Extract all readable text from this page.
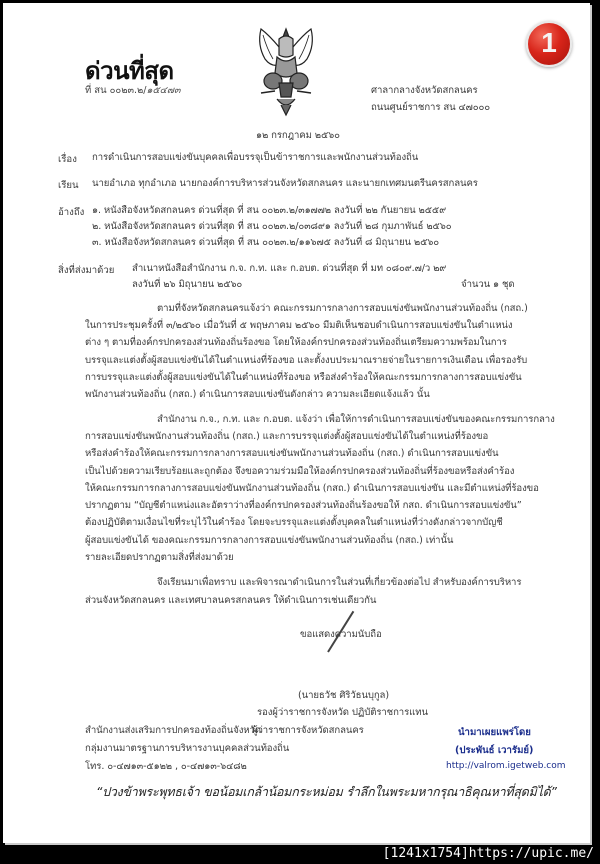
ด่วนที่สุด
ที่ สน ๐๐๒๓.๒/๑๕๔๗๓
1
ศาลากลางจังหวัดสกลนคร
ถนนศูนย์ราชการ สน ๔๗๐๐๐
๑๒ กรกฎาคม ๒๕๖๐
เรื่อง การดำเนินการสอบแข่งขันบุคคลเพื่อบรรจุเป็นข้าราชการและพนักงานส่วนท้องถิ่น
เรียน นายอำเภอ ทุกอำเภอ นายกองค์การบริหารส่วนจังหวัดสกลนคร และนายกเทศมนตรีนครสกลนคร
อ้างถึง ๑. หนังสือจังหวัดสกลนคร ด่วนที่สุด ที่ สน ๐๐๒๓.๒/๓๑๗๗๒ ลงวันที่ ๒๒ กันยายน ๒๕๕๙
๒. หนังสือจังหวัดสกลนคร ด่วนที่สุด ที่ สน ๐๐๒๓.๒/๐๓๘๙๑ ลงวันที่ ๒๘ กุมภาพันธ์ ๒๕๖๐
๓. หนังสือจังหวัดสกลนคร ด่วนที่สุด ที่ สน ๐๐๒๓.๒/๑๑๖๗๕ ลงวันที่ ๘ มิถุนายน ๒๕๖๐
สิ่งที่ส่งมาด้วย สำเนาหนังสือสำนักงาน ก.จ. ก.ท. และ ก.อบต. ด่วนที่สุด ที่ มท ๐๘๐๙.๗/ว ๒๙
ลงวันที่ ๒๖ มิถุนายน ๒๕๖๐	จำนวน ๑ ชุด
ตามที่จังหวัดสกลนครแจ้งว่า คณะกรรมการกลางการสอบแข่งขันพนักงานส่วนท้องถิ่น (กสถ.)
ในการประชุมครั้งที่ ๓/๒๕๖๐ เมื่อวันที่ ๕ พฤษภาคม ๒๕๖๐ มีมติเห็นชอบดำเนินการสอบแข่งขันในตำแหน่ง
ต่าง ๆ ตามที่องค์กรปกครองส่วนท้องถิ่นร้องขอ โดยให้องค์กรปกครองส่วนท้องถิ่นเตรียมความพร้อมในการ
บรรจุและแต่งตั้งผู้สอบแข่งขันได้ในตำแหน่งที่ร้องขอ และตั้งงบประมาณรายจ่ายในรายการเงินเดือน เพื่อรองรับ
การบรรจุและแต่งตั้งผู้สอบแข่งขันได้ในตำแหน่งที่ร้องขอ หรือส่งคำร้องให้คณะกรรมการกลางการสอบแข่งขัน
พนักงานส่วนท้องถิ่น (กสถ.) ดำเนินการสอบแข่งขันดังกล่าว ความละเอียดแจ้งแล้ว นั้น
สำนักงาน ก.จ., ก.ท. และ ก.อบต. แจ้งว่า เพื่อให้การดำเนินการสอบแข่งขันของคณะกรรมการกลาง
การสอบแข่งขันพนักงานส่วนท้องถิ่น (กสถ.) และการบรรจุแต่งตั้งผู้สอบแข่งขันได้ในตำแหน่งที่ร้องขอ
หรือส่งคำร้องให้คณะกรรมการกลางการสอบแข่งขันพนักงานส่วนท้องถิ่น (กสถ.) ดำเนินการสอบแข่งขัน
เป็นไปด้วยความเรียบร้อยและถูกต้อง จึงขอความร่วมมือให้องค์กรปกครองส่วนท้องถิ่นที่ร้องขอหรือส่งคำร้อง
ให้คณะกรรมการกลางการสอบแข่งขันพนักงานส่วนท้องถิ่น (กสถ.) ดำเนินการสอบแข่งขัน และมีตำแหน่งที่ร้องขอ
ปรากฏตาม “บัญชีตำแหน่งและอัตราว่างที่องค์กรปกครองส่วนท้องถิ่นร้องขอให้ กสถ. ดำเนินการสอบแข่งขัน”
ต้องปฏิบัติตามเงื่อนไขที่ระบุไว้ในคำร้อง โดยจะบรรจุและแต่งตั้งบุคคลในตำแหน่งที่ว่างดังกล่าวจากบัญชี
ผู้สอบแข่งขันได้ ของคณะกรรมการกลางการสอบแข่งขันพนักงานส่วนท้องถิ่น (กสถ.) เท่านั้น
รายละเอียดปรากฏตามสิ่งที่ส่งมาด้วย
จึงเรียนมาเพื่อทราบ และพิจารณาดำเนินการในส่วนที่เกี่ยวข้องต่อไป สำหรับองค์การบริหาร
ส่วนจังหวัดสกลนคร และเทศบาลนครสกลนคร ให้ดำเนินการเช่นเดียวกัน
ขอแสดงความนับถือ
(นายธวัช ศิริวัธนบุกูล)
รองผู้ว่าราชการจังหวัด ปฏิบัติราชการแทน
ผู้ว่าราชการจังหวัดสกลนคร
สำนักงานส่งเสริมการปกครองท้องถิ่นจังหวัด
กลุ่มงานมาตรฐานการบริหารงานบุคคลส่วนท้องถิ่น
โทร. ๐-๔๗๑๓-๕๑๒๒ , ๐-๔๗๑๓-๖๔๘๒
นำมาเผยแพร่โดย
(ประพันธ์ เวารัมย์)
http://valrom.igetweb.com
“ปวงข้าพระพุทธเจ้า ขอน้อมเกล้าน้อมกระหม่อม รำลึกในพระมหากรุณาธิคุณหาที่สุดมิได้”
[1241x1754]https://upic.me/
